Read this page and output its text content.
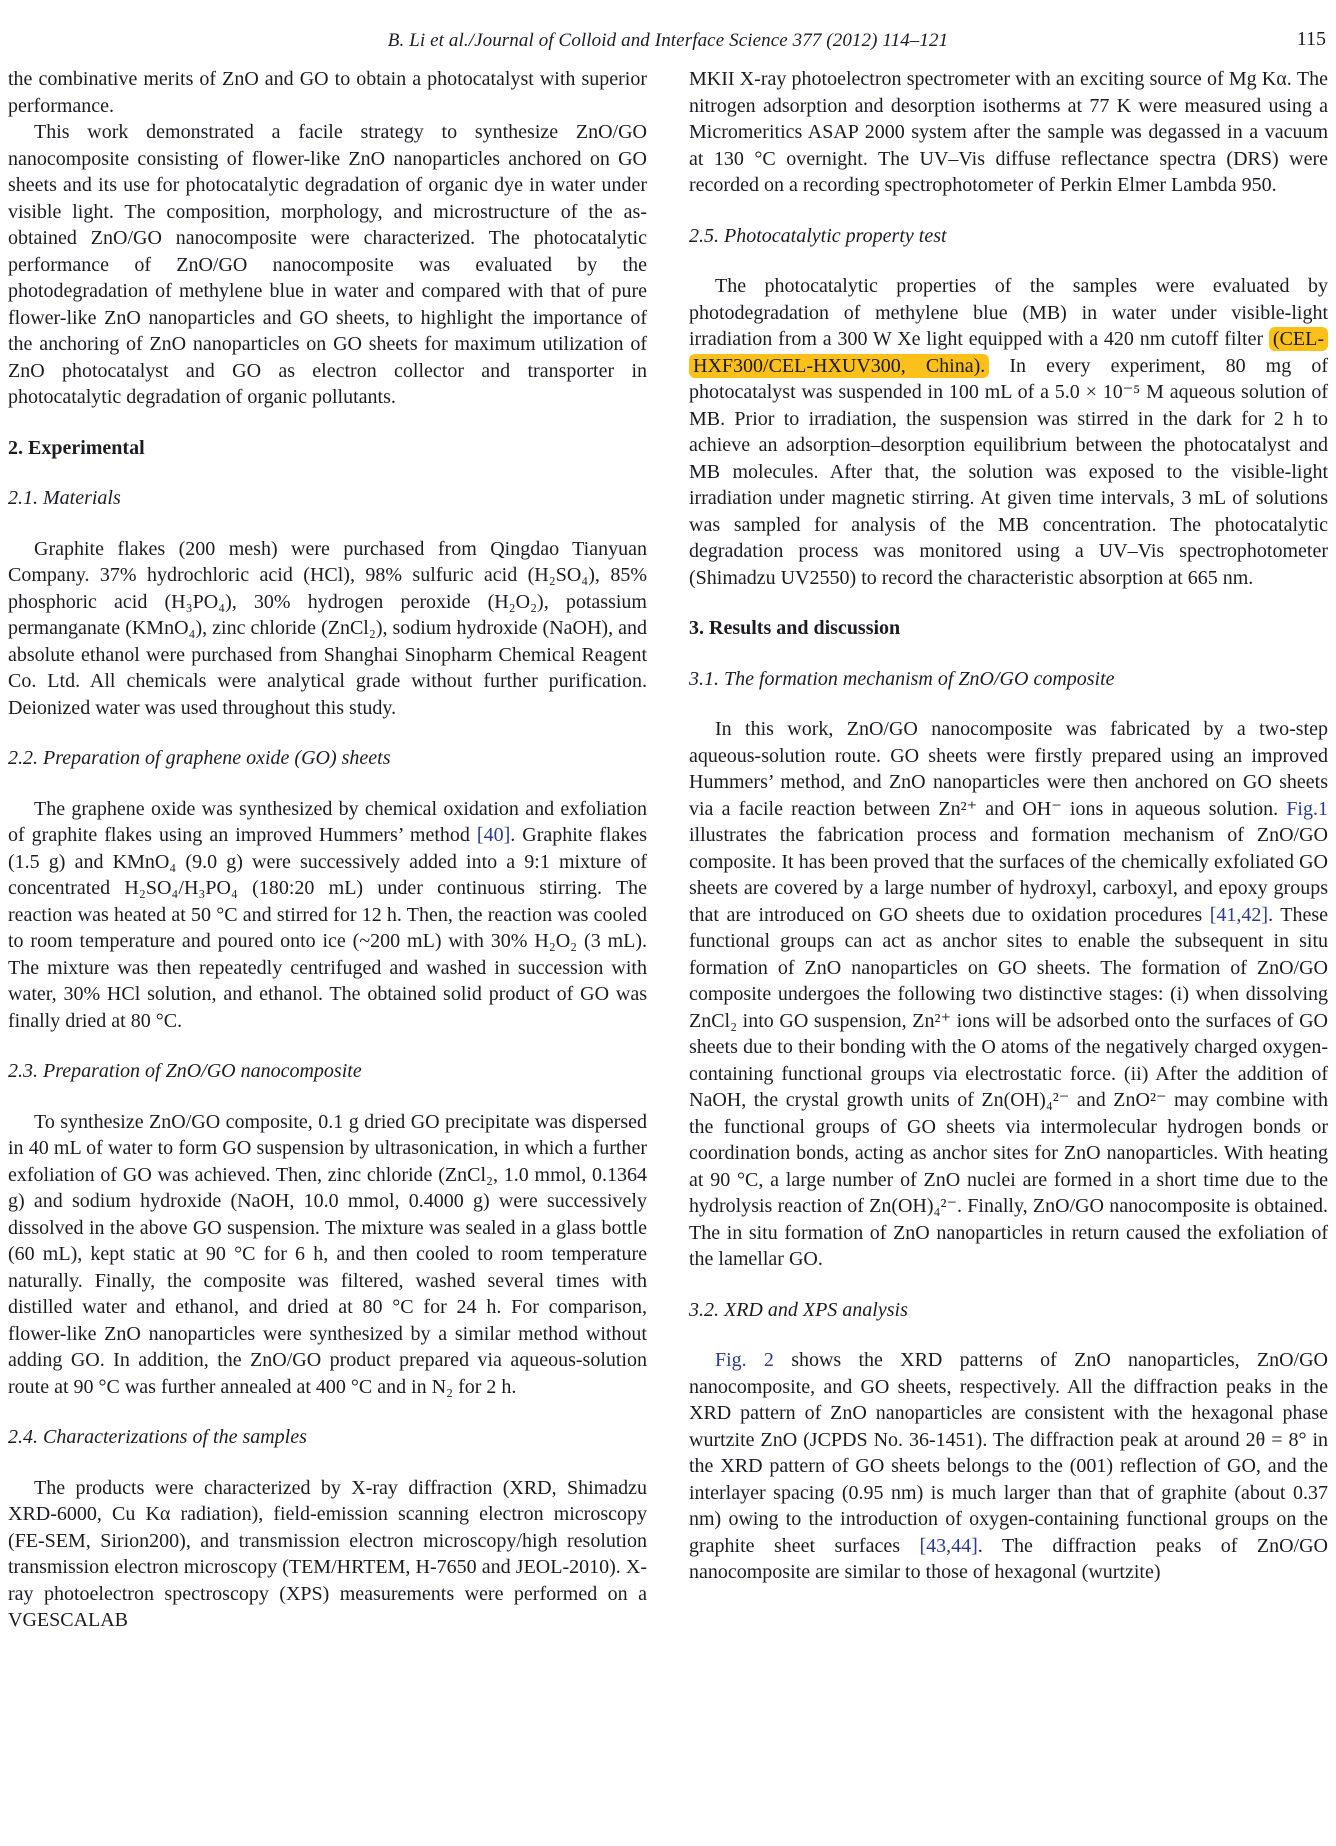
B. Li et al./Journal of Colloid and Interface Science 377 (2012) 114–121	115

the combinative merits of ZnO and GO to obtain a photocatalyst with superior performance.

This work demonstrated a facile strategy to synthesize ZnO/GO nanocomposite consisting of flower-like ZnO nanoparticles anchored on GO sheets and its use for photocatalytic degradation of organic dye in water under visible light. The composition, morphology, and microstructure of the as-obtained ZnO/GO nanocomposite were characterized. The photocatalytic performance of ZnO/GO nanocomposite was evaluated by the photodegradation of methylene blue in water and compared with that of pure flower-like ZnO nanoparticles and GO sheets, to highlight the importance of the anchoring of ZnO nanoparticles on GO sheets for maximum utilization of ZnO photocatalyst and GO as electron collector and transporter in photocatalytic degradation of organic pollutants.

2. Experimental
2.1. Materials

Graphite flakes (200 mesh) were purchased from Qingdao Tianyuan Company. 37% hydrochloric acid (HCl), 98% sulfuric acid (H₂SO₄), 85% phosphoric acid (H₃PO₄), 30% hydrogen peroxide (H₂O₂), potassium permanganate (KMnO₄), zinc chloride (ZnCl₂), sodium hydroxide (NaOH), and absolute ethanol were purchased from Shanghai Sinopharm Chemical Reagent Co. Ltd. All chemicals were analytical grade without further purification. Deionized water was used throughout this study.

2.2. Preparation of graphene oxide (GO) sheets

The graphene oxide was synthesized by chemical oxidation and exfoliation of graphite flakes using an improved Hummers’ method [40]. Graphite flakes (1.5 g) and KMnO₄ (9.0 g) were successively added into a 9:1 mixture of concentrated H₂SO₄/H₃PO₄ (180:20 mL) under continuous stirring. The reaction was heated at 50 °C and stirred for 12 h. Then, the reaction was cooled to room temperature and poured onto ice (~200 mL) with 30% H₂O₂ (3 mL). The mixture was then repeatedly centrifuged and washed in succession with water, 30% HCl solution, and ethanol. The obtained solid product of GO was finally dried at 80 °C.

2.3. Preparation of ZnO/GO nanocomposite

To synthesize ZnO/GO composite, 0.1 g dried GO precipitate was dispersed in 40 mL of water to form GO suspension by ultrasonication, in which a further exfoliation of GO was achieved. Then, zinc chloride (ZnCl₂, 1.0 mmol, 0.1364 g) and sodium hydroxide (NaOH, 10.0 mmol, 0.4000 g) were successively dissolved in the above GO suspension. The mixture was sealed in a glass bottle (60 mL), kept static at 90 °C for 6 h, and then cooled to room temperature naturally. Finally, the composite was filtered, washed several times with distilled water and ethanol, and dried at 80 °C for 24 h. For comparison, flower-like ZnO nanoparticles were synthesized by a similar method without adding GO. In addition, the ZnO/GO product prepared via aqueous-solution route at 90 °C was further annealed at 400 °C and in N₂ for 2 h.

2.4. Characterizations of the samples

The products were characterized by X-ray diffraction (XRD, Shimadzu XRD-6000, Cu Kα radiation), field-emission scanning electron microscopy (FE-SEM, Sirion200), and transmission electron microscopy/high resolution transmission electron microscopy (TEM/HRTEM, H-7650 and JEOL-2010). X-ray photoelectron spectroscopy (XPS) measurements were performed on a VGESCALAB

MKII X-ray photoelectron spectrometer with an exciting source of Mg Kα. The nitrogen adsorption and desorption isotherms at 77 K were measured using a Micromeritics ASAP 2000 system after the sample was degassed in a vacuum at 130 °C overnight. The UV–Vis diffuse reflectance spectra (DRS) were recorded on a recording spectrophotometer of Perkin Elmer Lambda 950.

2.5. Photocatalytic property test

The photocatalytic properties of the samples were evaluated by photodegradation of methylene blue (MB) in water under visible-light irradiation from a 300 W Xe light equipped with a 420 nm cutoff filter (CEL-HXF300/CEL-HXUV300, China). In every experiment, 80 mg of photocatalyst was suspended in 100 mL of a 5.0 × 10⁻⁵ M aqueous solution of MB. Prior to irradiation, the suspension was stirred in the dark for 2 h to achieve an adsorption–desorption equilibrium between the photocatalyst and MB molecules. After that, the solution was exposed to the visible-light irradiation under magnetic stirring. At given time intervals, 3 mL of solutions was sampled for analysis of the MB concentration. The photocatalytic degradation process was monitored using a UV–Vis spectrophotometer (Shimadzu UV2550) to record the characteristic absorption at 665 nm.

3. Results and discussion
3.1. The formation mechanism of ZnO/GO composite

In this work, ZnO/GO nanocomposite was fabricated by a two-step aqueous-solution route. GO sheets were firstly prepared using an improved Hummers’ method, and ZnO nanoparticles were then anchored on GO sheets via a facile reaction between Zn²⁺ and OH⁻ ions in aqueous solution. Fig.1 illustrates the fabrication process and formation mechanism of ZnO/GO composite. It has been proved that the surfaces of the chemically exfoliated GO sheets are covered by a large number of hydroxyl, carboxyl, and epoxy groups that are introduced on GO sheets due to oxidation procedures [41,42]. These functional groups can act as anchor sites to enable the subsequent in situ formation of ZnO nanoparticles on GO sheets. The formation of ZnO/GO composite undergoes the following two distinctive stages: (i) when dissolving ZnCl₂ into GO suspension, Zn²⁺ ions will be adsorbed onto the surfaces of GO sheets due to their bonding with the O atoms of the negatively charged oxygen-containing functional groups via electrostatic force. (ii) After the addition of NaOH, the crystal growth units of Zn(OH)₄²⁻ and ZnO²⁻ may combine with the functional groups of GO sheets via intermolecular hydrogen bonds or coordination bonds, acting as anchor sites for ZnO nanoparticles. With heating at 90 °C, a large number of ZnO nuclei are formed in a short time due to the hydrolysis reaction of Zn(OH)₄²⁻. Finally, ZnO/GO nanocomposite is obtained. The in situ formation of ZnO nanoparticles in return caused the exfoliation of the lamellar GO.

3.2. XRD and XPS analysis

Fig. 2 shows the XRD patterns of ZnO nanoparticles, ZnO/GO nanocomposite, and GO sheets, respectively. All the diffraction peaks in the XRD pattern of ZnO nanoparticles are consistent with the hexagonal phase wurtzite ZnO (JCPDS No. 36-1451). The diffraction peak at around 2θ = 8° in the XRD pattern of GO sheets belongs to the (001) reflection of GO, and the interlayer spacing (0.95 nm) is much larger than that of graphite (about 0.37 nm) owing to the introduction of oxygen-containing functional groups on the graphite sheet surfaces [43,44]. The diffraction peaks of ZnO/GO nanocomposite are similar to those of hexagonal (wurtzite)
